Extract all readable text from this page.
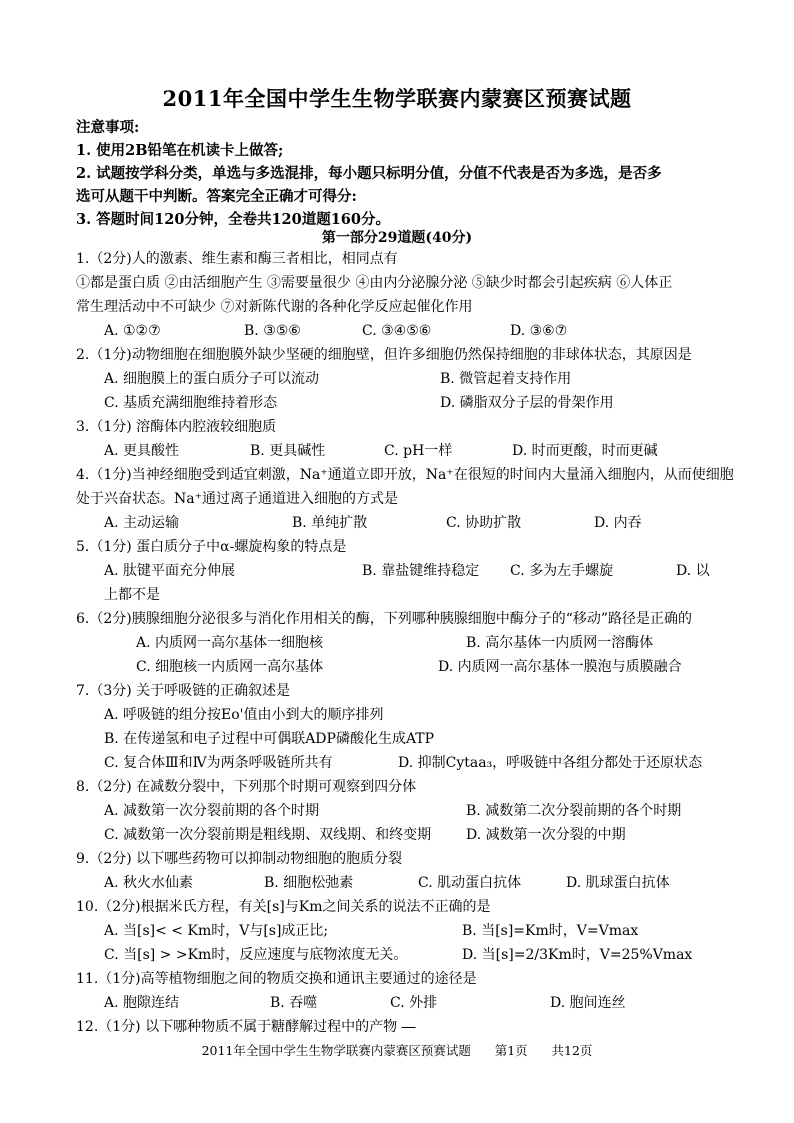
2011年全国中学生生物学联赛内蒙赛区预赛试题
注意事项:
1. 使用2B铅笔在机读卡上做答;
2. 试题按学科分类，单选与多选混排，每小题只标明分值，分值不代表是否为多选，是否多
选可从题干中判断。答案完全正确才可得分:
3. 答题时间120分钟，全卷共120道题160分。
第一部分29道题(40分)
1.（2分)人的激素、维生素和酶三者相比，相同点有
①都是蛋白质 ②由活细胞产生 ③需要量很少 ④由内分泌腺分泌 ⑤缺少时都会引起疾病 ⑥人体正
常生理活动中不可缺少 ⑦对新陈代谢的各种化学反应起催化作用
A. ①②⑦	B. ③⑤⑥	C. ③④⑤⑥	D. ③⑥⑦
2.（1分)动物细胞在细胞膜外缺少坚硬的细胞壁，但许多细胞仍然保持细胞的非球体状态，其原因是
A. 细胞膜上的蛋白质分子可以流动	B. 微管起着支持作用
C. 基质充满细胞维持着形态	D. 磷脂双分子层的骨架作用
3.（1分) 溶酶体内腔液较细胞质
A. 更具酸性	B. 更具碱性	C. pH一样	D. 时而更酸，时而更碱
4.（1分)当神经细胞受到适宜刺激，Na⁺通道立即开放，Na⁺在很短的时间内大量涌入细胞内，从而使细胞
处于兴奋状态。Na⁺通过离子通道进入细胞的方式是
A. 主动运输	B. 单纯扩散	C. 协助扩散	D. 内吞
5.（1分) 蛋白质分子中α-螺旋构象的特点是
A. 肽键平面充分伸展	B. 靠盐键维持稳定 C. 多为左手螺旋	D. 以
上都不是
6.（2分)胰腺细胞分泌很多与消化作用相关的酶，下列哪种胰腺细胞中酶分子的“移动”路径是正确的
A. 内质网一高尔基体一细胞核	B. 高尔基体一内质网一溶酶体
C. 细胞核一内质网一高尔基体	D. 内质网一高尔基体一膜泡与质膜融合
7.（3分) 关于呼吸链的正确叙述是
A. 呼吸链的组分按Eo'值由小到大的顺序排列
B. 在传递氢和电子过程中可偶联ADP磷酸化生成ATP
C. 复合体Ⅲ和Ⅳ为两条呼吸链所共有	D. 抑制Cytaa₃，呼吸链中各组分都处于还原状态
8.（2分) 在减数分裂中，下列那个时期可观察到四分体
A. 减数第一次分裂前期的各个时期	B. 减数第二次分裂前期的各个时期
C. 减数第一次分裂前期是粗线期、双线期、和终变期 D. 减数第一次分裂的中期
9.（2分) 以下哪些药物可以抑制动物细胞的胞质分裂
A. 秋火水仙素	B. 细胞松弛素	C. 肌动蛋白抗体	D. 肌球蛋白抗体
10.（2分)根据米氏方程，有关[s]与Km之间关系的说法不正确的是
A. 当[s]< < Km时，V与[s]成正比;	B. 当[s]=Km时，V=Vmax
C. 当[s] > >Km时，反应速度与底物浓度无关。	D. 当[s]=2/3Km时，V=25%Vmax
11.（1分)高等植物细胞之间的物质交换和通讯主要通过的途径是
A. 胞隙连结	B. 吞噬	C. 外排	D. 胞间连丝
12.（1分) 以下哪种物质不属于糖酵解过程中的产物 ⎯⎯
2011年全国中学生生物学联赛内蒙赛区预赛试题      第1页      共12页
